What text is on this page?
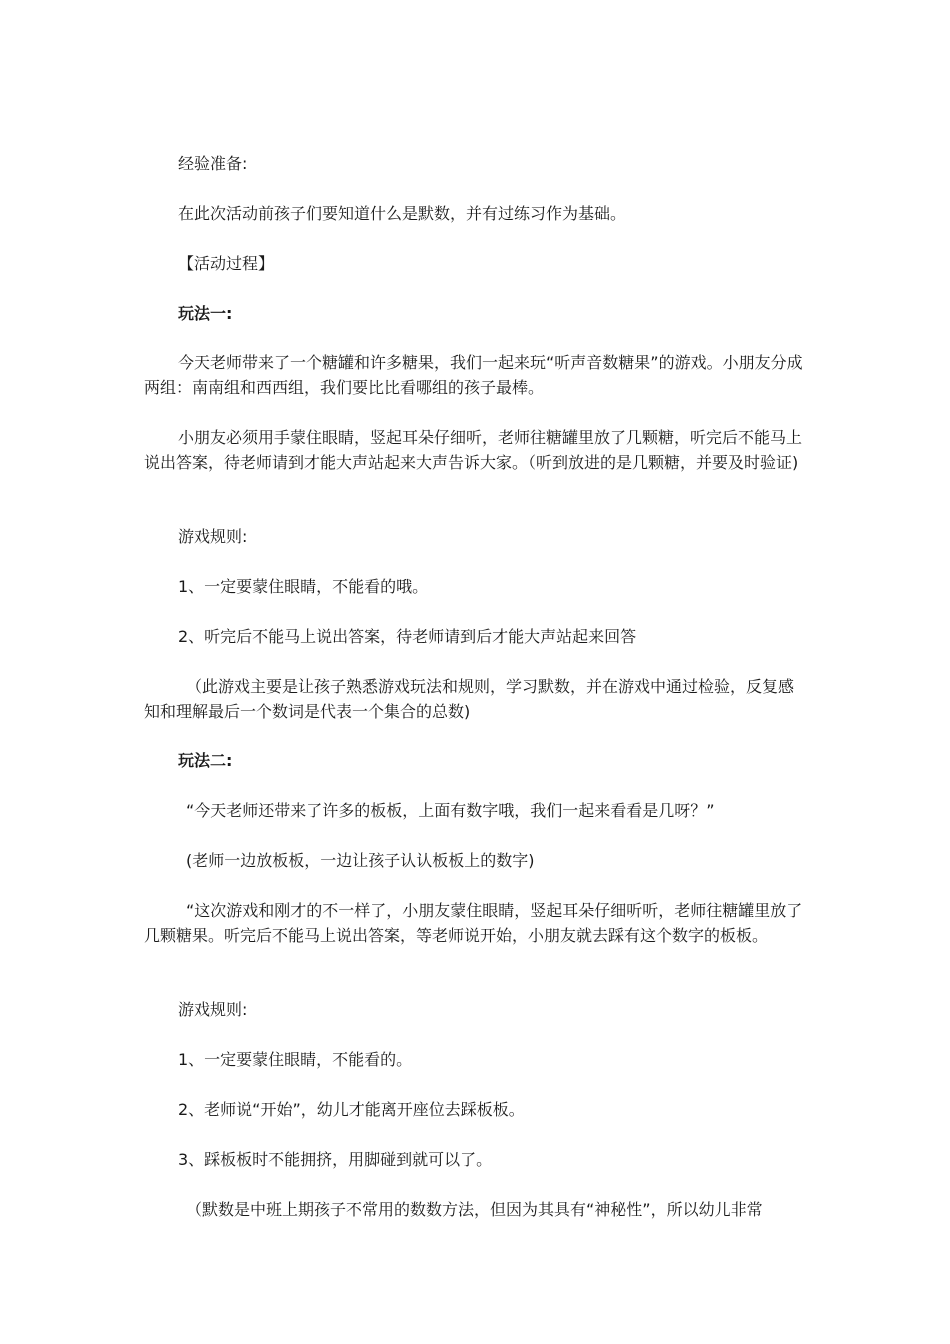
经验准备:

在此次活动前孩子们要知道什么是默数，并有过练习作为基础。

【活动过程】

玩法一:

今天老师带来了一个糖罐和许多糖果，我们一起来玩“听声音数糖果”的游戏。小朋友分成两组：南南组和西西组，我们要比比看哪组的孩子最棒。

小朋友必须用手蒙住眼睛，竖起耳朵仔细听，老师往糖罐里放了几颗糖，听完后不能马上说出答案，待老师请到才能大声站起来大声告诉大家。（听到放进的是几颗糖，并要及时验证)

游戏规则:

1、一定要蒙住眼睛，不能看的哦。

2、听完后不能马上说出答案，待老师请到后才能大声站起来回答

（此游戏主要是让孩子熟悉游戏玩法和规则，学习默数，并在游戏中通过检验，反复感知和理解最后一个数词是代表一个集合的总数)

玩法二:

“今天老师还带来了许多的板板，上面有数字哦，我们一起来看看是几呀？”

(老师一边放板板，一边让孩子认认板板上的数字)

“这次游戏和刚才的不一样了，小朋友蒙住眼睛，竖起耳朵仔细听听，老师往糖罐里放了几颗糖果。听完后不能马上说出答案，等老师说开始，小朋友就去踩有这个数字的板板。

游戏规则:

1、一定要蒙住眼睛，不能看的。

2、老师说“开始”，幼儿才能离开座位去踩板板。

3、踩板板时不能拥挤，用脚碰到就可以了。

（默数是中班上期孩子不常用的数数方法，但因为其具有“神秘性”，所以幼儿非常
